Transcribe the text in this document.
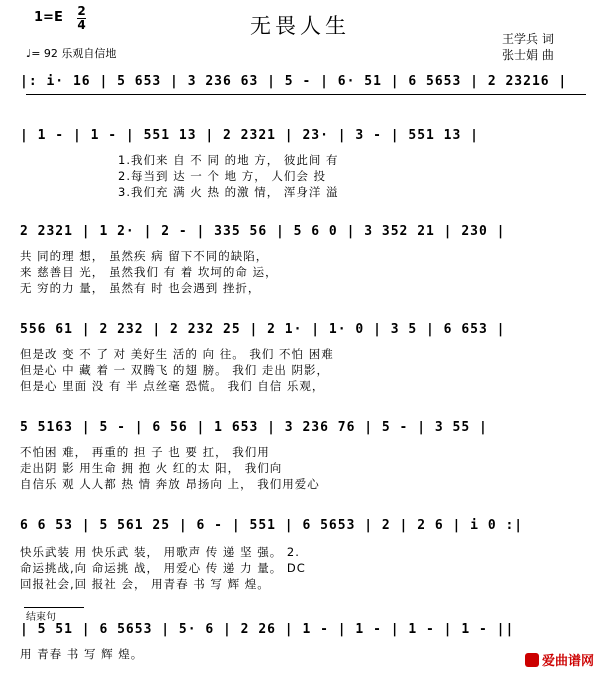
无畏人生
1=E 2
4
♩= 92 乐观自信地
王学兵 词
张士娟 曲
|: i· 16 | 5 653 | 3 236 63 | 5 - | 6· 51 | 6 5653 | 2 23216 |
| 1 - | 1 - | 551 13 | 2 2321 | 23· | 3 - | 551 13 |
1.我们来 自 不 同 的地 方， 彼此间 有
2.每当到 达 一 个 地 方， 人们会 投
3.我们充 满 火 热 的激 情， 浑身洋 溢
2 2321 | 1 2· | 2 - | 335 56 | 5 6 0 | 3 352 21 | 230 |
共 同的理 想， 虽然疾 病 留下不同的缺陷，
来 慈善目 光， 虽然我们 有 着 坎坷的命 运，
无 穷的力 量， 虽然有 时 也会遇到 挫折，
556 61 | 2 232 | 2 232 25 | 2 1· | 1· 0 | 3 5 | 6 653 |
但是改 变 不 了 对 美好生 活的 向 往。 我们 不怕 困难
但是心 中 藏 着 一 双腾飞 的翅 膀。 我们 走出 阴影，
但是心 里面 没 有 半 点丝毫 恐慌。 我们 自信 乐观，
5 5163 | 5 - | 6 56 | 1 653 | 3 236 76 | 5 - | 3 55 |
不怕困 难， 再重的 担 子 也 要 扛， 我们用
走出阴 影 用生命 拥 抱 火 红的太 阳， 我们向
自信乐 观 人人都 热 情 奔放 昂扬向 上， 我们用爱心
6 6 53 | 5 561 25 | 6 - | 551 | 6 5653 | 2 | 2 6 | i 0 :|
快乐武装 用 快乐武 装， 用歌声 传 递 坚 强。 2.
命运挑战,向 命运挑 战， 用爱心 传 递 力 量。 DC
回报社会,回 报社 会， 用青春 书 写 辉 煌。
结束句
| 5 51 | 6 5653 | 5· 6 | 2 26 | 1 - | 1 - | 1 - | 1 - ||
用 青春 书 写 辉 煌。	爱曲谱网
